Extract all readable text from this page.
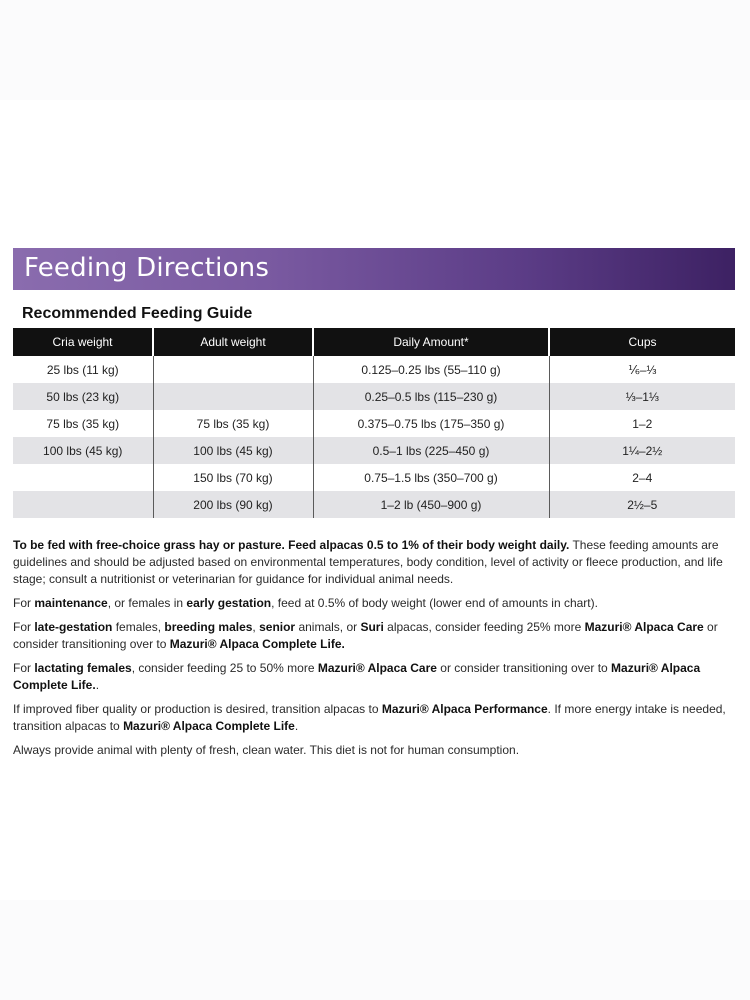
Feeding Directions
Recommended Feeding Guide
Cria weight	Adult weight	Daily Amount*	Cups
25 lbs (11 kg)		0.125–0.25 lbs (55–110 g)	⅙–⅓
50 lbs (23 kg)		0.25–0.5 lbs (115–230 g)	⅓–1⅓
75 lbs (35 kg)	75 lbs (35 kg)	0.375–0.75 lbs (175–350 g)	1–2
100 lbs (45 kg)	100 lbs (45 kg)	0.5–1 lbs (225–450 g)	1¼–2½
	150 lbs (70 kg)	0.75–1.5 lbs (350–700 g)	2–4
	200 lbs (90 kg)	1–2 lb (450–900 g)	2½–5

To be fed with free-choice grass hay or pasture. Feed alpacas 0.5 to 1% of their body weight daily. These feeding amounts are guidelines and should be adjusted based on environmental temperatures, body condition, level of activity or fleece production, and life stage; consult a nutritionist or veterinarian for guidance for individual animal needs.

For maintenance, or females in early gestation, feed at 0.5% of body weight (lower end of amounts in chart).

For late-gestation females, breeding males, senior animals, or Suri alpacas, consider feeding 25% more Mazuri® Alpaca Care or consider transitioning over to Mazuri® Alpaca Complete Life.

For lactating females, consider feeding 25 to 50% more Mazuri® Alpaca Care or consider transitioning over to Mazuri® Alpaca Complete Life..

If improved fiber quality or production is desired, transition alpacas to Mazuri® Alpaca Performance. If more energy intake is needed, transition alpacas to Mazuri® Alpaca Complete Life.

Always provide animal with plenty of fresh, clean water. This diet is not for human consumption.
